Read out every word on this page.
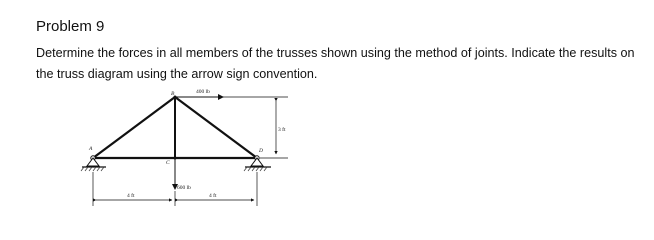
Problem 9
Determine the forces in all members of the trusses shown using the method of joints. Indicate the results on the truss diagram using the arrow sign convention.
A
B
C
D
400 lb
600 lb
3 ft
4 ft	4 ft
